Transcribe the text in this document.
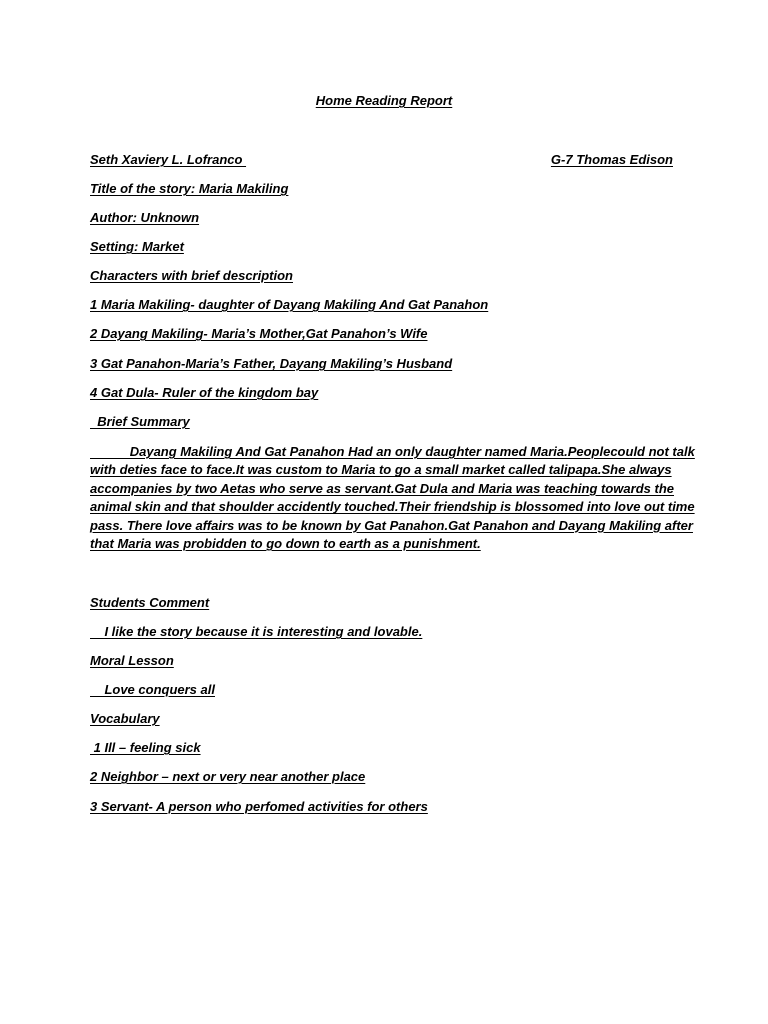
Home Reading Report
Seth Xaviery L. Lofranco	G-7 Thomas Edison
Title of the story: Maria Makiling
Author: Unknown
Setting: Market
Characters with brief description
1 Maria Makiling- daughter of Dayang Makiling And Gat Panahon
2 Dayang Makiling- Maria’s Mother,Gat Panahon’s Wife
3 Gat Panahon-Maria’s Father, Dayang Makiling’s Husband
4 Gat Dula- Ruler of the kingdom bay
Brief Summary
Dayang Makiling And Gat Panahon Had an only daughter named Maria.Peoplecould not talk
with deties face to face.It was custom to Maria to go a small market called talipapa.She always
accompanies by two Aetas who serve as servant.Gat Dula and Maria was teaching towards the
animal skin and that shoulder accidently touched.Their friendship is blossomed into love out time
pass. There love affairs was to be known by Gat Panahon.Gat Panahon and Dayang Makiling after
that Maria was probidden to go down to earth as a punishment.
Students Comment
I like the story because it is interesting and lovable.
Moral Lesson
Love conquers all
Vocabulary
1 Ill – feeling sick
2 Neighbor – next or very near another place
3 Servant- A person who perfomed activities for others
